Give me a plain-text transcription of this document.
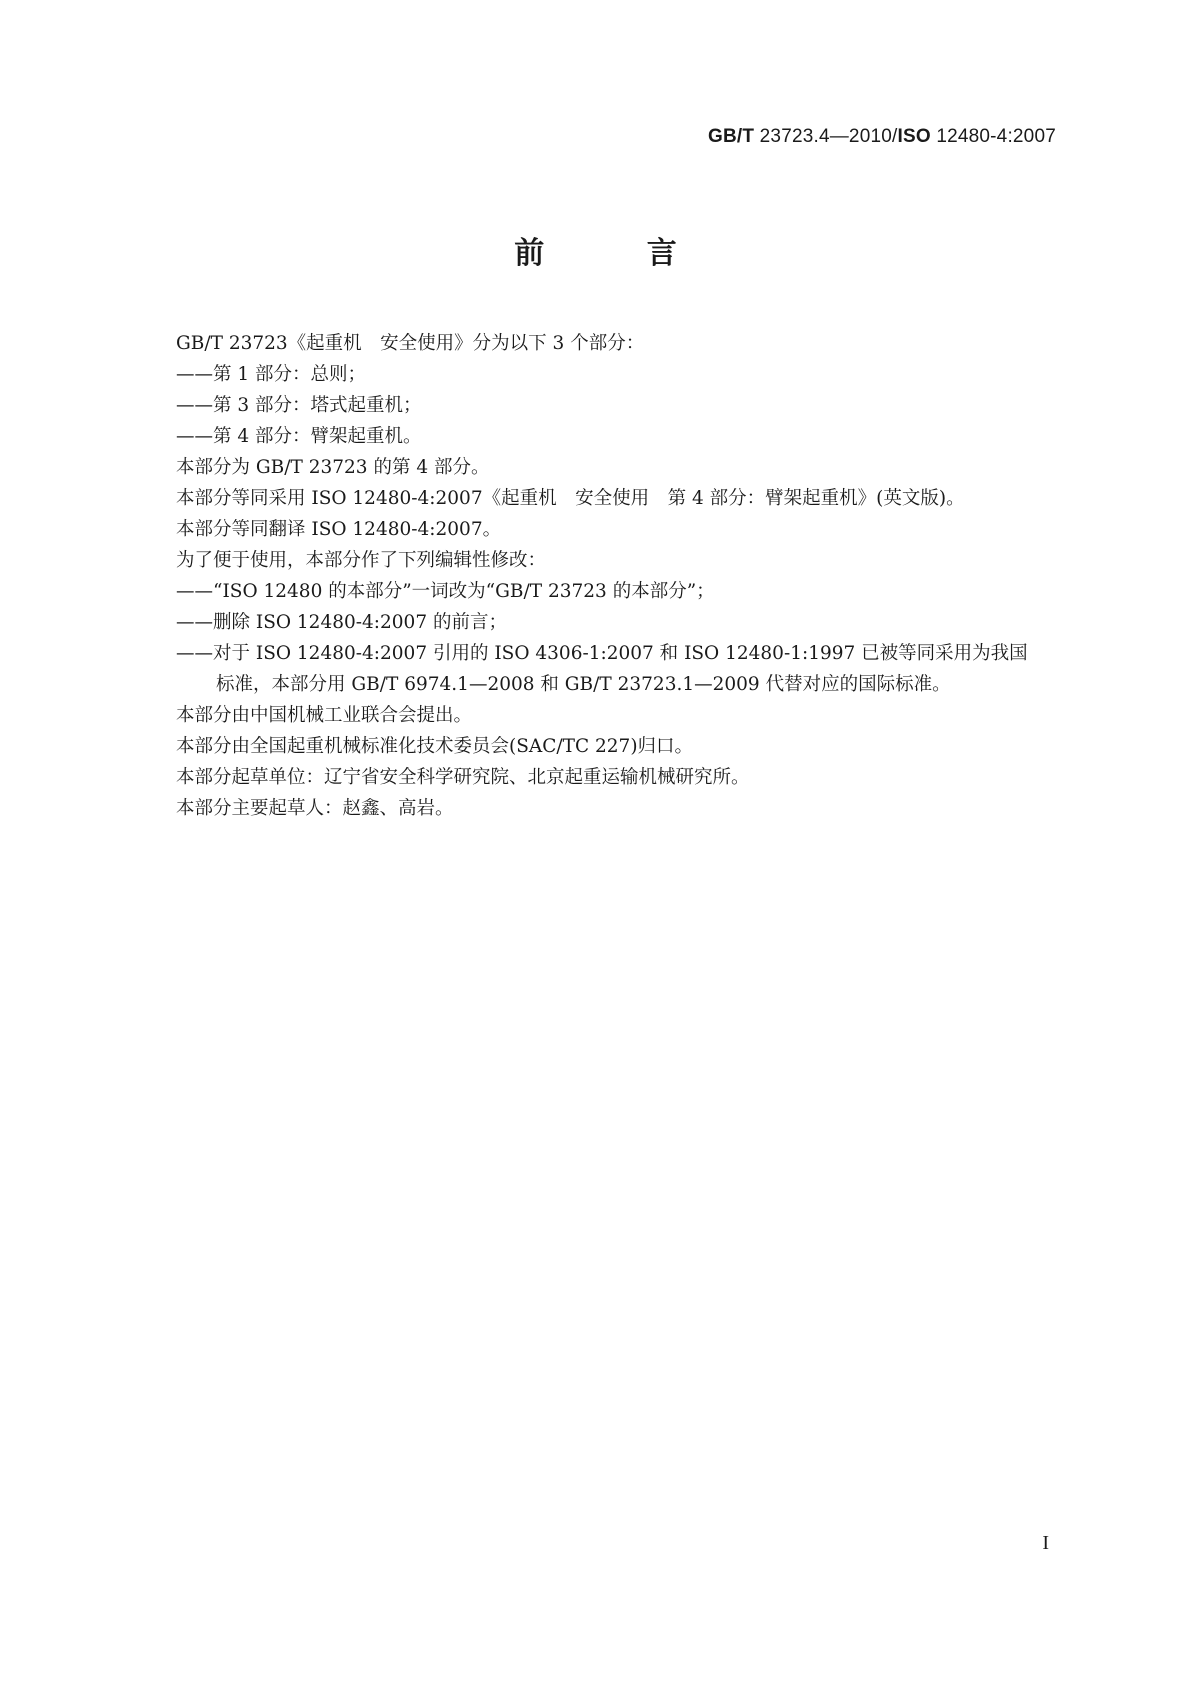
GB/T 23723.4—2010/ISO 12480-4:2007
前 言
GB/T 23723《起重机　安全使用》分为以下 3 个部分：
——第 1 部分：总则；
——第 3 部分：塔式起重机；
——第 4 部分：臂架起重机。
本部分为 GB/T 23723 的第 4 部分。
本部分等同采用 ISO 12480-4:2007《起重机　安全使用　第 4 部分：臂架起重机》(英文版)。
本部分等同翻译 ISO 12480-4:2007。
为了便于使用，本部分作了下列编辑性修改：
——“ISO 12480 的本部分”一词改为“GB/T 23723 的本部分”；
——删除 ISO 12480-4:2007 的前言；
——对于 ISO 12480-4:2007 引用的 ISO 4306-1:2007 和 ISO 12480-1:1997 已被等同采用为我国
标准，本部分用 GB/T 6974.1—2008 和 GB/T 23723.1—2009 代替对应的国际标准。
本部分由中国机械工业联合会提出。
本部分由全国起重机械标准化技术委员会(SAC/TC 227)归口。
本部分起草单位：辽宁省安全科学研究院、北京起重运输机械研究所。
本部分主要起草人：赵鑫、高岩。
I
